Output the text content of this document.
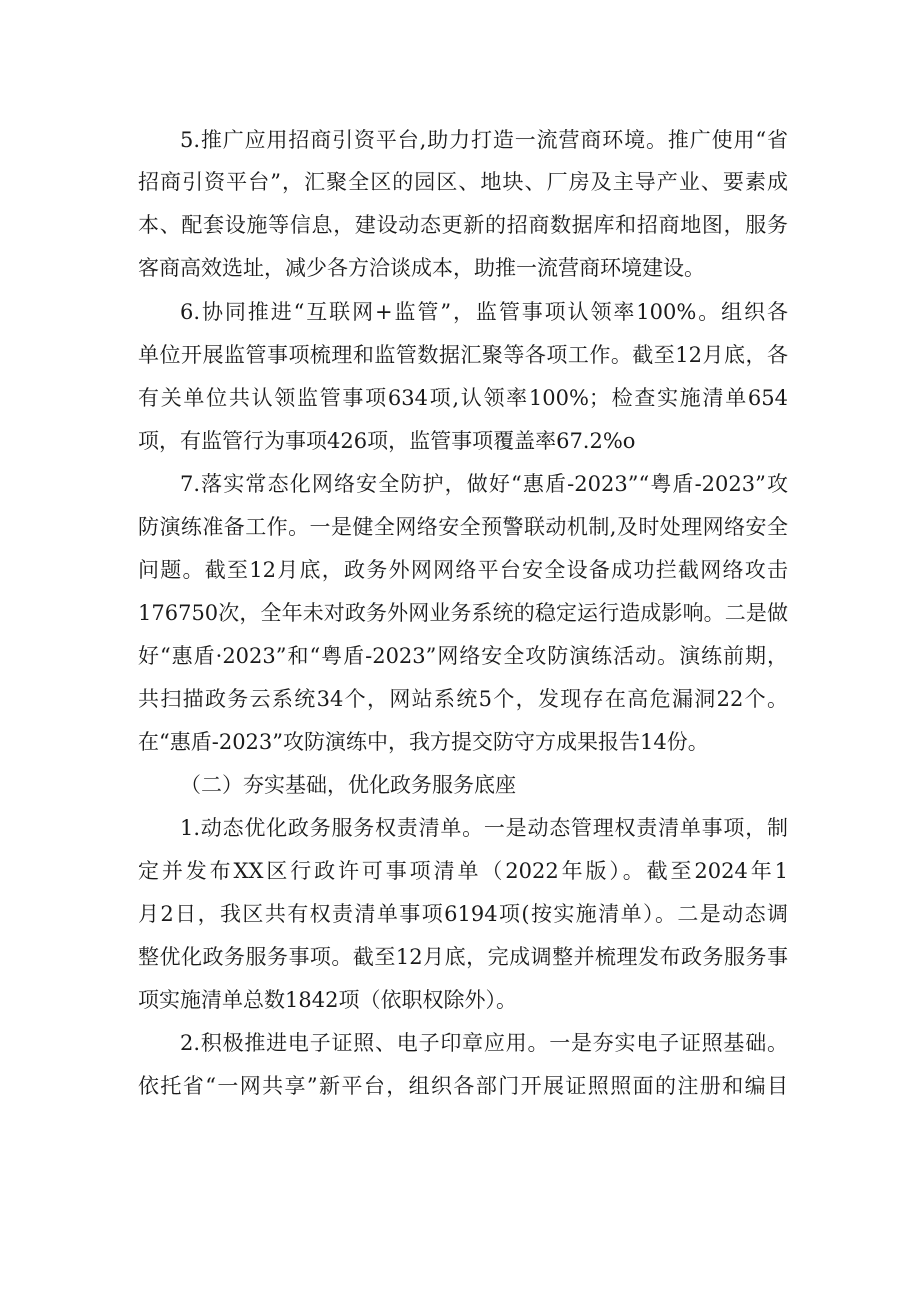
5.推广应用招商引资平台,助力打造一流营商环境。推广使用“省
招商引资平台”，汇聚全区的园区、地块、厂房及主导产业、要素成
本、配套设施等信息，建设动态更新的招商数据库和招商地图，服务
客商高效选址，减少各方洽谈成本，助推一流营商环境建设。
6.协同推进“互联网+监管”，监管事项认领率100%。组织各
单位开展监管事项梳理和监管数据汇聚等各项工作。截至12月底，各
有关单位共认领监管事项634项,认领率100%；检查实施清单654
项，有监管行为事项426项，监管事项覆盖率67.2%o
7.落实常态化网络安全防护，做好“惠盾-2023”“粤盾-2023”攻
防演练准备工作。一是健全网络安全预警联动机制,及时处理网络安全
问题。截至12月底，政务外网网络平台安全设备成功拦截网络攻击
176750次，全年未对政务外网业务系统的稳定运行造成影响。二是做
好“惠盾·2023”和“粤盾-2023”网络安全攻防演练活动。演练前期，
共扫描政务云系统34个，网站系统5个，发现存在高危漏洞22个。
在“惠盾-2023”攻防演练中，我方提交防守方成果报告14份。
（二）夯实基础，优化政务服务底座
1.动态优化政务服务权责清单。一是动态管理权责清单事项，制
定并发布XX区行政许可事项清单（2022年版）。截至2024年1
月2日，我区共有权责清单事项6194项(按实施清单）。二是动态调
整优化政务服务事项。截至12月底，完成调整并梳理发布政务服务事
项实施清单总数1842项（依职权除外）。
2.积极推进电子证照、电子印章应用。一是夯实电子证照基础。
依托省“一网共享”新平台，组织各部门开展证照照面的注册和编目
